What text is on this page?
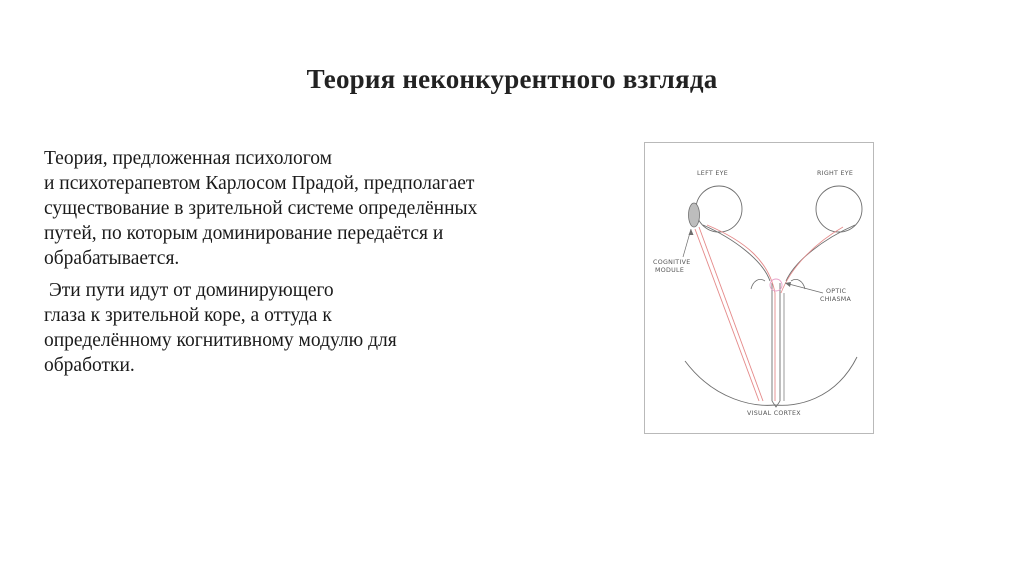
Теория неконкурентного взгляда

Теория, предложенная психологом
и психотерапевтом Карлосом Прадой, предполагает
существование в зрительной системе определённых
путей, по которым доминирование передаётся и
обрабатывается.

Эти пути идут от доминирующего
глаза к зрительной коре, а оттуда к
определённому когнитивному модулю для
обработки.

LEFT EYE	RIGHT EYE
COGNITIVE
MODULE
OPTIC
CHIASMA
VISUAL CORTEX
